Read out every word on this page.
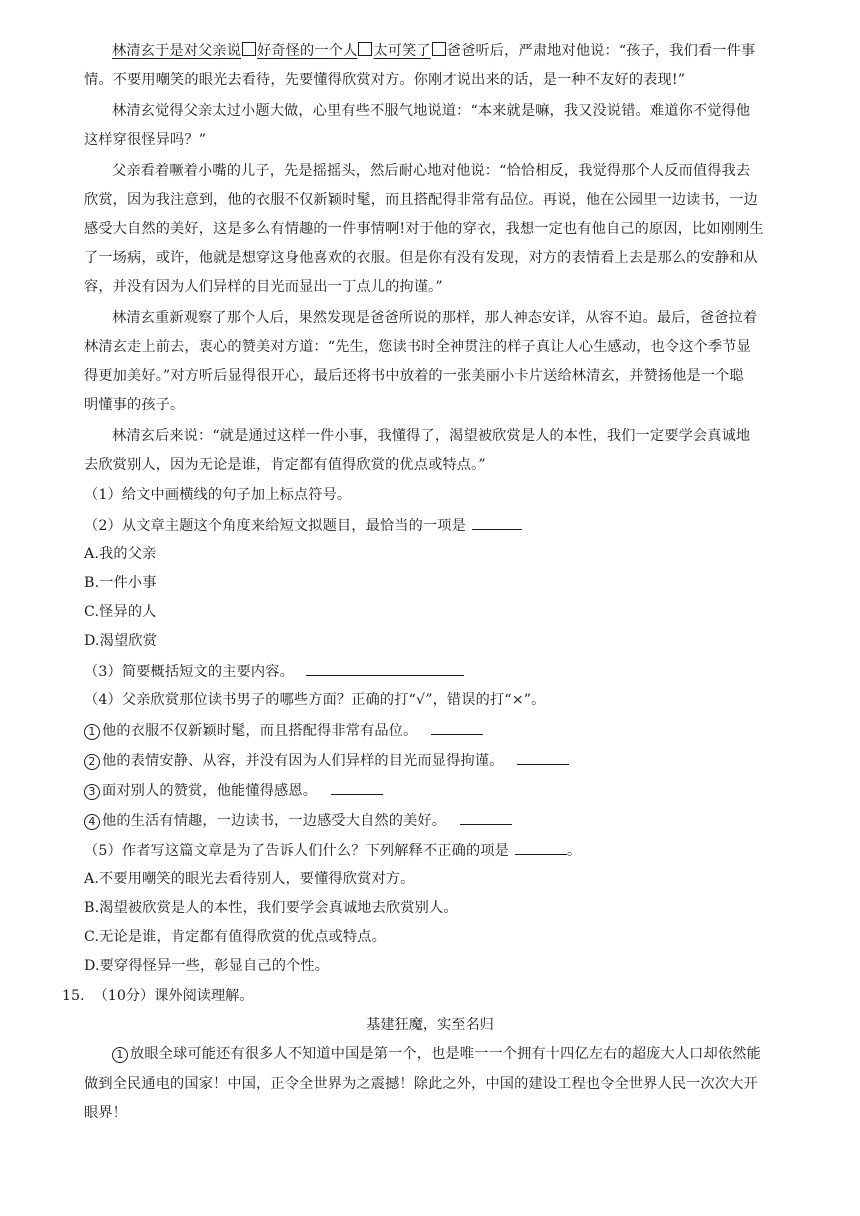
林清玄于是对父亲说 好奇怪的一个人 太可笑了 爸爸听后，严肃地对他说：“孩子，我们看一件事
情。不要用嘲笑的眼光去看待，先要懂得欣赏对方。你刚才说出来的话，是一种不友好的表现!”
林清玄觉得父亲太过小题大做，心里有些不服气地说道：“本来就是嘛，我又没说错。难道你不觉得他
这样穿很怪异吗？”
父亲看着噘着小嘴的儿子，先是摇摇头，然后耐心地对他说：“恰恰相反，我觉得那个人反而值得我去
欣赏，因为我注意到，他的衣服不仅新颖时髦，而且搭配得非常有品位。再说，他在公园里一边读书，一边
感受大自然的美好，这是多么有情趣的一件事情啊!对于他的穿衣，我想一定也有他自己的原因，比如刚刚生
了一场病，或许，他就是想穿这身他喜欢的衣服。但是你有没有发现，对方的表情看上去是那么的安静和从
容，并没有因为人们异样的目光而显出一丁点儿的拘谨。”
林清玄重新观察了那个人后，果然发现是爸爸所说的那样，那人神态安详，从容不迫。最后，爸爸拉着
林清玄走上前去，衷心的赞美对方道：“先生，您读书时全神贯注的样子真让人心生感动，也令这个季节显
得更加美好。”对方听后显得很开心，最后还将书中放着的一张美丽小卡片送给林清玄，并赞扬他是一个聪
明懂事的孩子。
林清玄后来说：“就是通过这样一件小事，我懂得了，渴望被欣赏是人的本性，我们一定要学会真诚地
去欣赏别人，因为无论是谁，肯定都有值得欣赏的优点或特点。”
（1）给文中画横线的句子加上标点符号。
（2）从文章主题这个角度来给短文拟题目，最恰当的一项是
A.我的父亲
B.一件小事
C.怪异的人
D.渴望欣赏
（3）简要概括短文的主要内容。
（4）父亲欣赏那位读书男子的哪些方面？正确的打“√”，错误的打“×”。
1 他的衣服不仅新颖时髦，而且搭配得非常有品位。
2 他的表情安静、从容，并没有因为人们异样的目光而显得拘谨。
3 面对别人的赞赏，他能懂得感恩。
4 他的生活有情趣，一边读书，一边感受大自然的美好。
（5）作者写这篇文章是为了告诉人们什么？下列解释不正确的项是	。
A.不要用嘲笑的眼光去看待别人，要懂得欣赏对方。
B.渴望被欣赏是人的本性，我们要学会真诚地去欣赏别人。
C.无论是谁，肯定都有值得欣赏的优点或特点。
D.要穿得怪异一些，彰显自己的个性。
15. （10分）课外阅读理解。
基建狂魔，实至名归
1 放眼全球可能还有很多人不知道中国是第一个，也是唯一一个拥有十四亿左右的超庞大人口却依然能
做到全民通电的国家！中国，正令全世界为之震撼！除此之外，中国的建设工程也令全世界人民一次次大开
眼界！
